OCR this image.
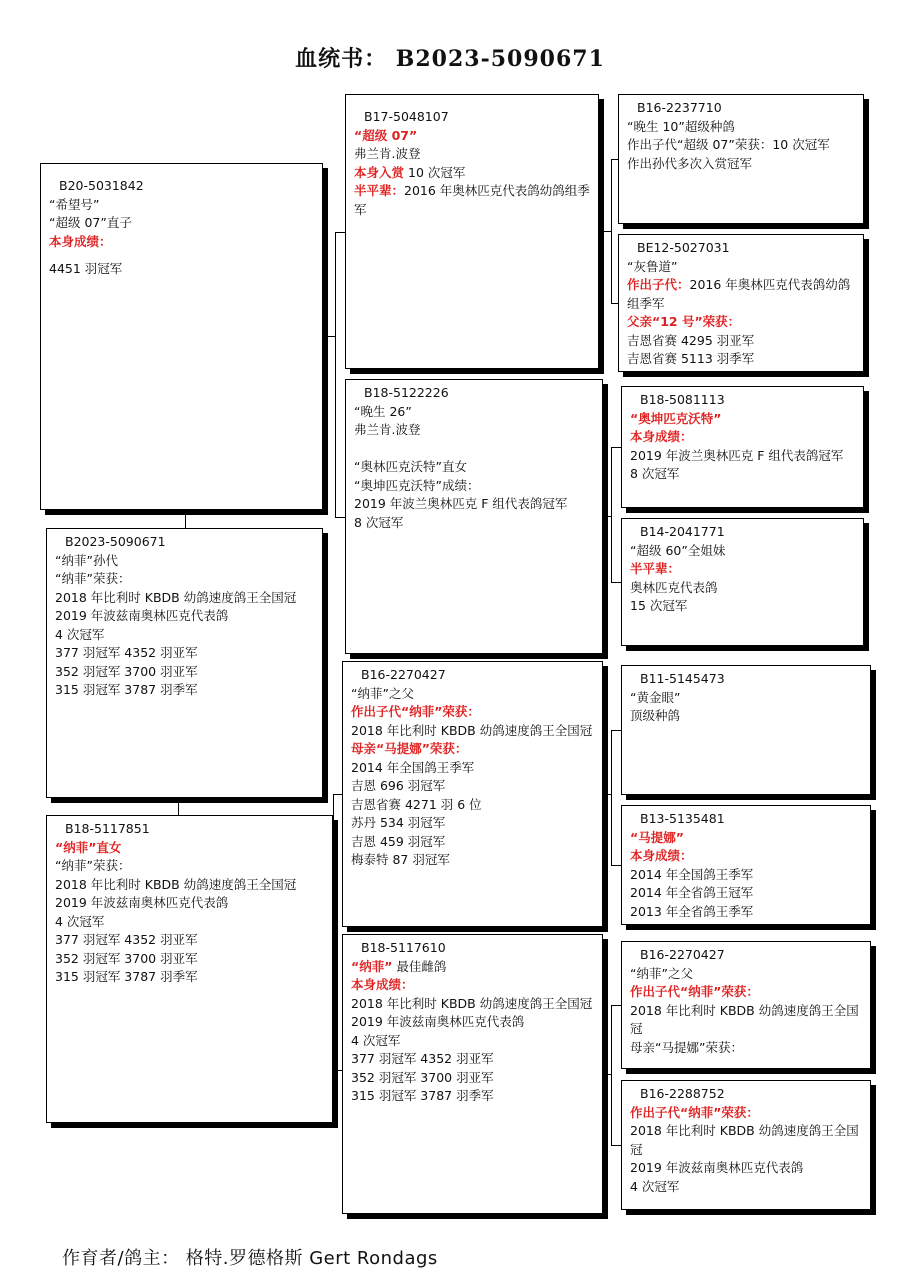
血统书： B2023-5090671
B20-5031842
“希望号”
“超级 07”直子
本身成绩：
4451 羽冠军
B2023-5090671
“纳菲”孙代
“纳菲”荣获：
2018 年比利时 KBDB 幼鸽速度鸽王全国冠
2019 年波兹南奥林匹克代表鸽
4 次冠军
377 羽冠军 4352 羽亚军
352 羽冠军 3700 羽亚军
315 羽冠军 3787 羽季军
B18-5117851
“纳菲”直女
“纳菲”荣获：
2018 年比利时 KBDB 幼鸽速度鸽王全国冠
2019 年波兹南奥林匹克代表鸽
4 次冠军
377 羽冠军 4352 羽亚军
352 羽冠军 3700 羽亚军
315 羽冠军 3787 羽季军
B17-5048107
“超级 07”
弗兰肯.波登
本身入赏 10 次冠军
半平辈：2016 年奥林匹克代表鸽幼鸽组季军
B18-5122226
“晚生 26”
弗兰肯.波登
“奥林匹克沃特”直女
“奥坤匹克沃特”成绩：
2019 年波兰奥林匹克 F 组代表鸽冠军
8 次冠军
B16-2270427
“纳菲”之父
作出子代“纳菲”荣获：
2018 年比利时 KBDB 幼鸽速度鸽王全国冠
母亲“马提娜”荣获：
2014 年全国鸽王季军
吉恩 696 羽冠军
吉恩省赛 4271 羽 6 位
苏丹 534 羽冠军
吉恩 459 羽冠军
梅泰特 87 羽冠军
B18-5117610
“纳菲” 最佳雌鸽
本身成绩：
2018 年比利时 KBDB 幼鸽速度鸽王全国冠
2019 年波兹南奥林匹克代表鸽
4 次冠军
377 羽冠军 4352 羽亚军
352 羽冠军 3700 羽亚军
315 羽冠军 3787 羽季军
B16-2237710
“晚生 10”超级种鸽
作出子代“超级 07”荣获：10 次冠军
作出孙代多次入赏冠军
BE12-5027031
“灰鲁道”
作出子代：2016 年奥林匹克代表鸽幼鸽组季军
父亲“12 号”荣获：
吉恩省赛 4295 羽亚军
吉恩省赛 5113 羽季军
B18-5081113
“奥坤匹克沃特”
本身成绩：
2019 年波兰奥林匹克 F 组代表鸽冠军
8 次冠军
B14-2041771
“超级 60”全姐妹
半平辈：
奥林匹克代表鸽
15 次冠军
B11-5145473
“黄金眼”
顶级种鸽
B13-5135481
“马提娜”
本身成绩：
2014 年全国鸽王季军
2014 年全省鸽王冠军
2013 年全省鸽王季军
B16-2270427
“纳菲”之父
作出子代“纳菲”荣获：
2018 年比利时 KBDB 幼鸽速度鸽王全国冠
母亲“马提娜”荣获：
B16-2288752
作出子代“纳菲”荣获：
2018 年比利时 KBDB 幼鸽速度鸽王全国冠
2019 年波兹南奥林匹克代表鸽
4 次冠军
作育者/鸽主： 格特.罗德格斯 Gert Rondags
